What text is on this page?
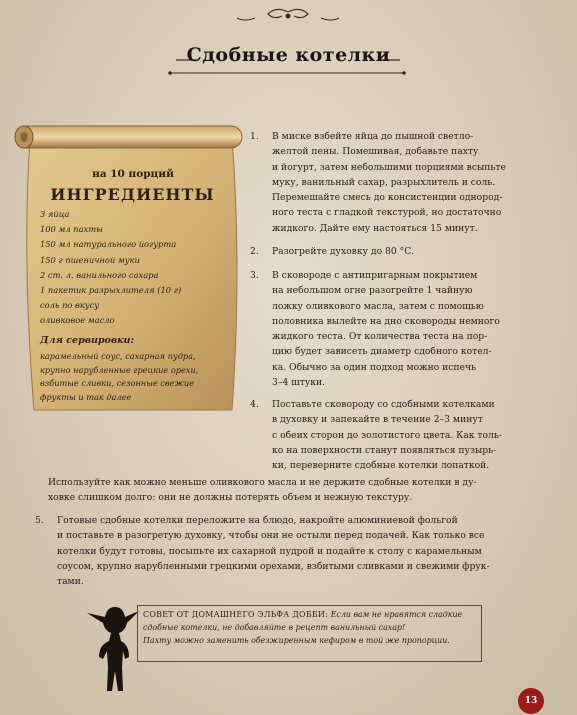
Сдобные котелки
на 10 порций
ИНГРЕДИЕНТЫ
3 яйца
100 мл пахты
150 мл натурального йогурта
150 г пшеничной муки
2 ст. л. ванильного сахара
1 пакетик разрыхлителя (10 г)
соль по вкусу
оливковое масло
Для сервировки:
карамельный соус, сахарная пудра,
крупно нарубленные грецкие орехи,
взбитые сливки, сезонные свежие
фрукты и так далее
1. В миске взбейте яйца до пышной светло-
желтой пены. Помешивая, добавьте пахту
и йогурт, затем небольшими порциями всыпьте
муку, ванильный сахар, разрыхлитель и соль.
Перемешайте смесь до консистенции однород-
ного теста с гладкой текстурой, но достаточно
жидкого. Дайте ему настояться 15 минут.
2. Разогрейте духовку до 80 °С.
3. В сковороде с антипригарным покрытием
на небольшом огне разогрейте 1 чайную
ложку оливкового масла, затем с помощью
половника вылейте на дно сковороды немного
жидкого теста. От количества теста на пор-
цию будет зависеть диаметр сдобного котел-
ка. Обычно за один подход можно испечь
3–4 штуки.
4. Поставьте сковороду со сдобными котелками
в духовку и запекайте в течение 2–3 минут
с обеих сторон до золотистого цвета. Как толь-
ко на поверхности станут появляться пузырь-
ки, переверните сдобные котелки лопаткой.
Используйте как можно меньше оливкового масла и не держите сдобные котелки в ду-
ховке слишком долго: они не должны потерять объем и нежную текстуру.
5. Готовые сдобные котелки переложите на блюдо, накройте алюминиевой фольгой
и поставьте в разогретую духовку, чтобы они не остыли перед подачей. Как только все
котелки будут готовы, посыпьте их сахарной пудрой и подайте к столу с карамельным
соусом, крупно нарубленными грецкими орехами, взбитыми сливками и свежими фрук-
тами.
СОВЕТ ОТ ДОМАШНЕГО ЭЛЬФА ДОББИ: Если вам не нравятся сладкие
сдобные котелки, не добавляйте в рецепт ванильный сахар!
Пахту можно заменить обезжиренным кефиром в той же пропорции.
13
